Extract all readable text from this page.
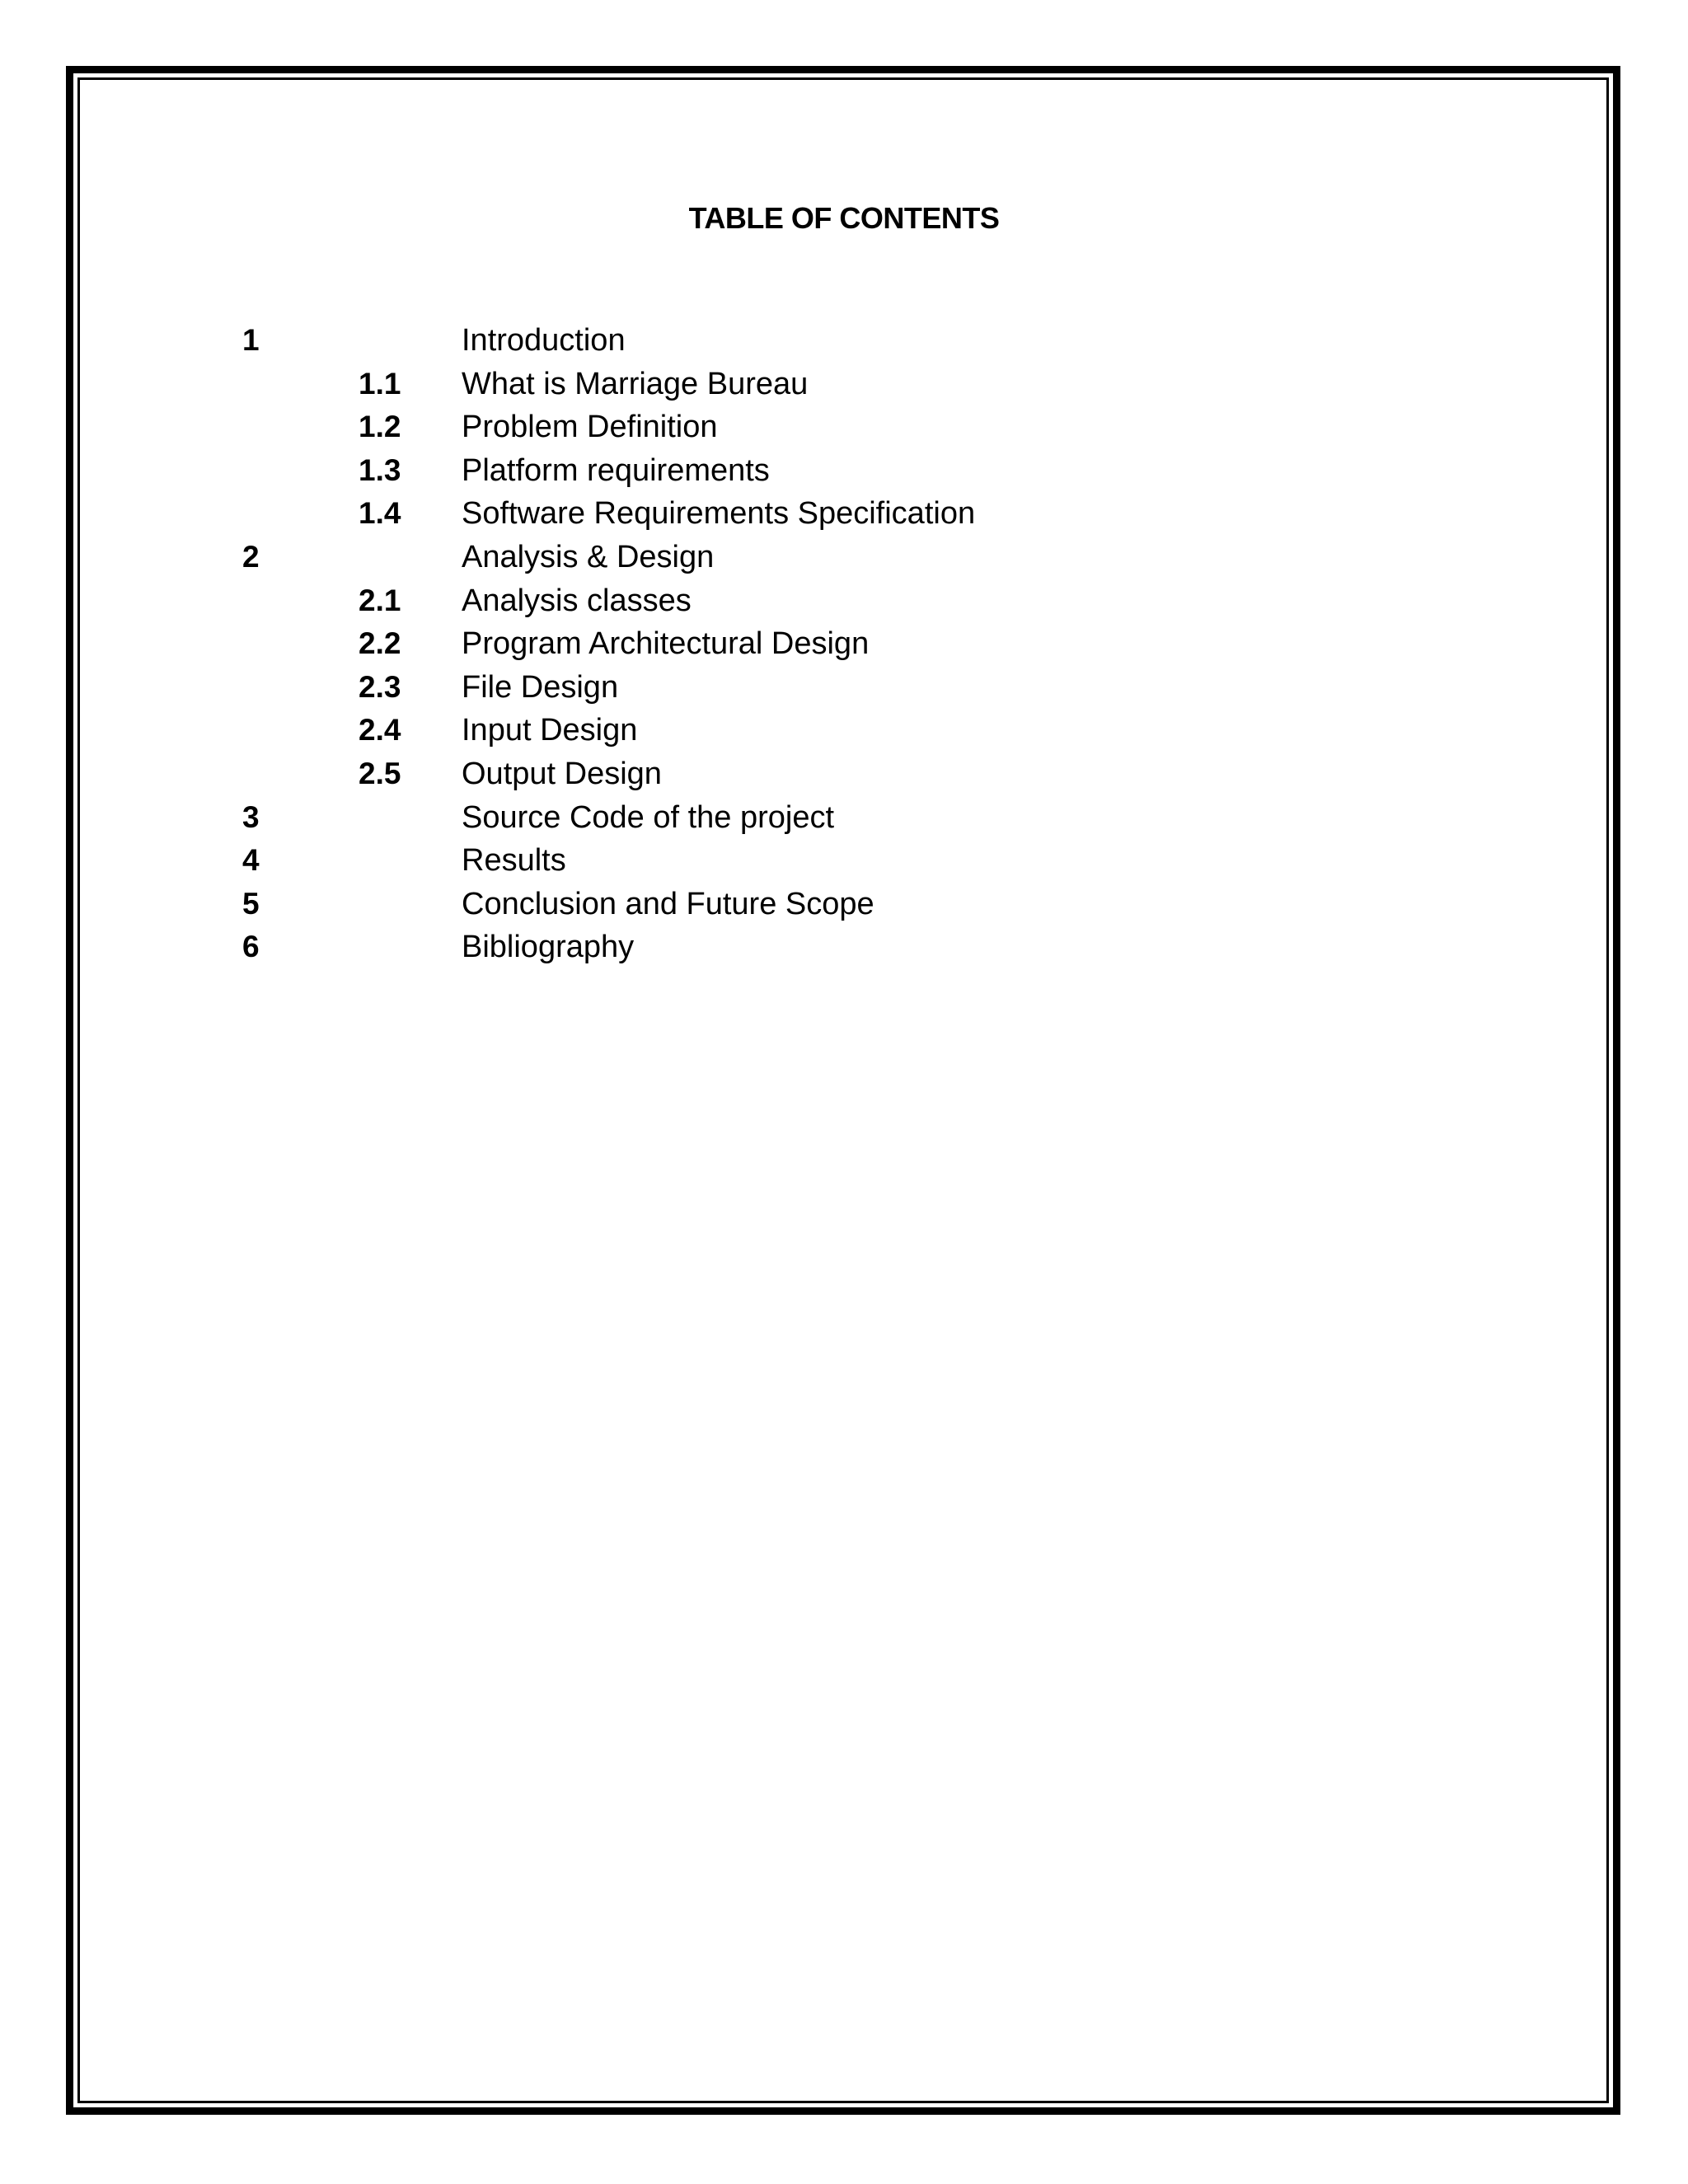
TABLE OF CONTENTS
1	Introduction
1.1 What is Marriage Bureau
1.2 Problem Definition
1.3 Platform requirements
1.4 Software Requirements Specification
2	Analysis & Design
2.1 Analysis classes
2.2 Program Architectural Design
2.3 File Design
2.4 Input Design
2.5 Output Design
3	Source Code of the project
4	Results
5	Conclusion and Future Scope
6	Bibliography
